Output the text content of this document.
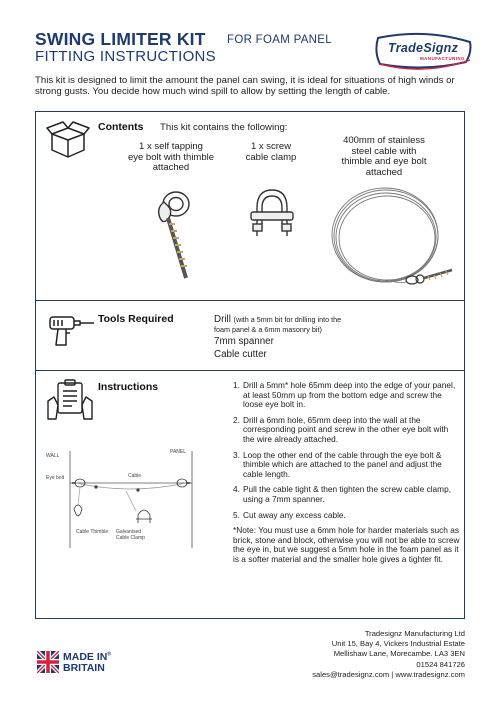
SWING LIMITER KIT FOR FOAM PANEL
FITTING INSTRUCTIONS	TradeSignz
MANUFACTURING
This kit is designed to limit the amount the panel can swing, it is ideal for situations of high winds or strong gusts. You decide how much wind spill to allow by setting the length of cable.
Contents This kit contains the following:
1 x self tapping
eye bolt with thimble
attached
1 x screw
cable clamp
400mm of stainless
steel cable with
thimble and eye bolt
attached
Tools Required	Drill (with a 5mm bit for drilling into the
foam panel & a 6mm masonry bit)
7mm spanner
Cable cutter
Instructions
WALL
PANEL
Cable
Eye bolt
Cable Thimble Galvanised Cable Clamp
1. Drill a 5mm* hole 65mm deep into the edge of your panel, at least 50mm up from the bottom edge and screw the loose eye bolt in.
2. Drill a 6mm hole, 65mm deep into the wall at the corresponding point and screw in the other eye bolt with the wire already attached.
3. Loop the other end of the cable through the eye bolt & thimble which are attached to the panel and adjust the cable length.
4. Pull the cable tight & then tighten the screw cable clamp, using a 7mm spanner.
5. Cut away any excess cable.
*Note: You must use a 6mm hole for harder materials such as brick, stone and block, otherwise you will not be able to screw the eye in, but we suggest a 5mm hole in the foam panel as it is a softer material and the smaller hole gives a tighter fit.
MADE IN®
BRITAIN
Tradesignz Manufacturing Ltd
Unit 15, Bay 4, Vickers Industrial Estate
Mellishaw Lane, Morecambe. LA3 3EN
01524 841726
sales@tradesignz.com | www.tradesignz.com
